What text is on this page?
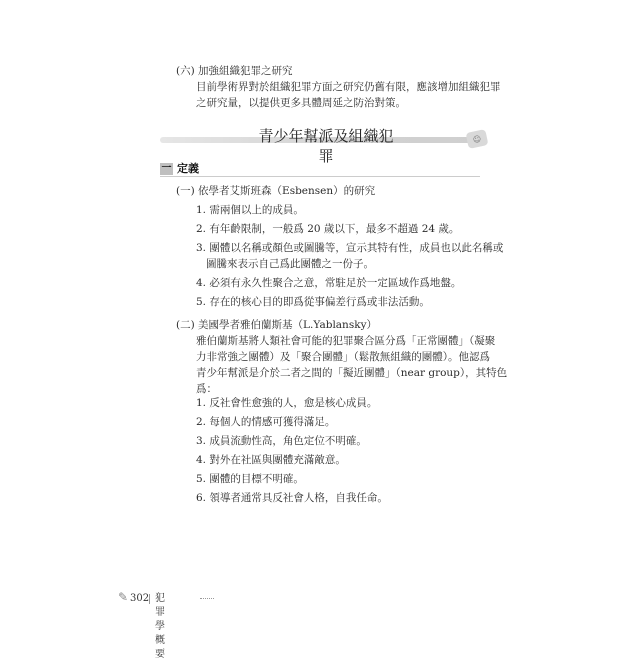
(六) 加強組織犯罪之研究
目前學術界對於組織犯罪方面之研究仍舊有限，應該增加組織犯罪
之研究量，以提供更多具體周延之防治對策。
青少年幫派及組織犯罪
☺
一 定義
(一) 依學者艾斯班森（Esbensen）的研究
1. 需兩個以上的成員。
2. 有年齡限制，一般爲 20 歲以下，最多不超過 24 歲。
3. 團體以名稱或顏色或圖騰等，宣示其特有性，成員也以此名稱或
圖騰來表示自己爲此團體之一份子。
4. 必須有永久性聚合之意，常駐足於一定區域作爲地盤。
5. 存在的核心目的即爲從事偏差行爲或非法活動。
(二) 美國學者雅伯蘭斯基（L.Yablansky）
雅伯蘭斯基將人類社會可能的犯罪聚合區分爲「正常團體」（凝聚
力非常強之團體）及「聚合團體」（鬆散無組織的團體）。他認爲
青少年幫派是介於二者之間的「擬近團體」（near group），其特色
爲：
1. 反社會性愈強的人，愈是核心成員。
2. 每個人的情感可獲得滿足。
3. 成員流動性高，角色定位不明確。
4. 對外在社區與團體充滿敵意。
5. 團體的目標不明確。
6. 領導者通常具反社會人格，自我任命。
✎ 302 犯罪學概要
